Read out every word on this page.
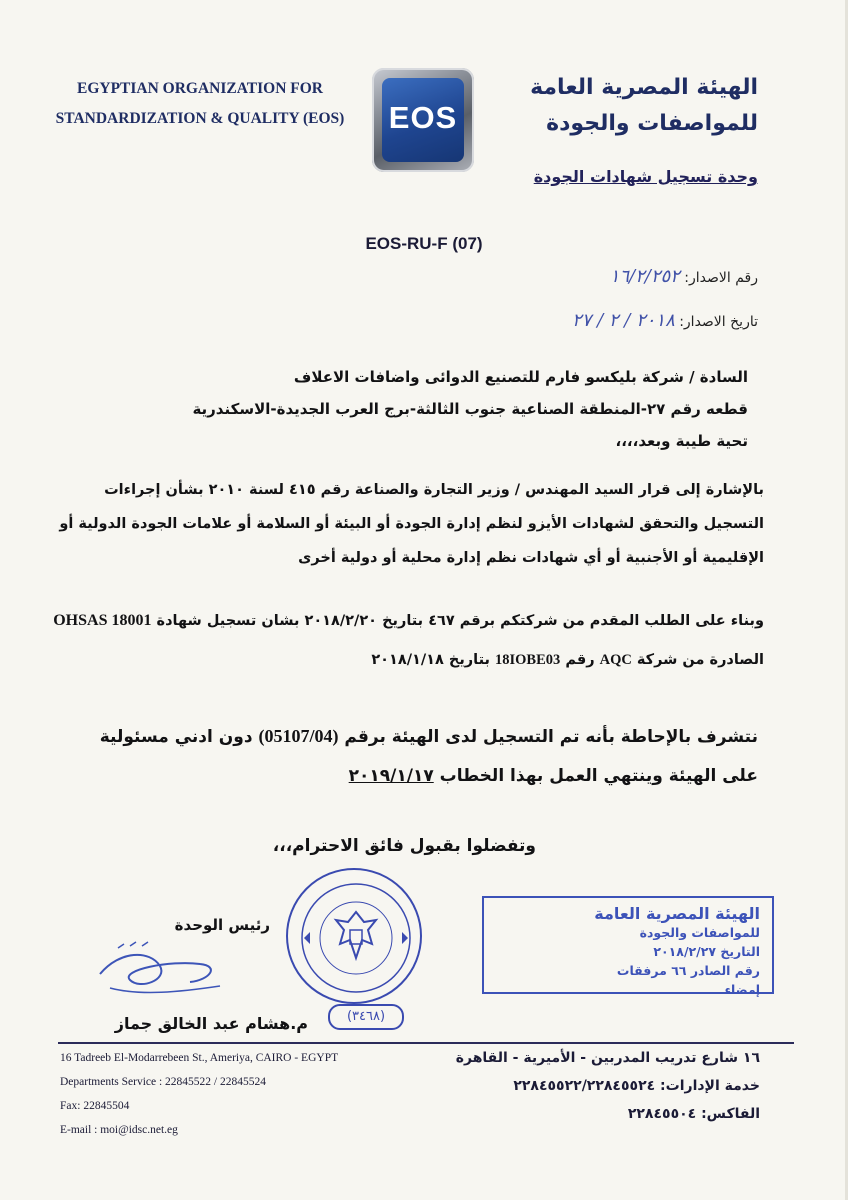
EGYPTIAN ORGANIZATION FOR
STANDARDIZATION & QUALITY (EOS)	EOS
الهيئة المصرية العامة
للمواصفات والجودة
وحدة تسجيل شهادات الجودة
EOS-RU-F (07)
رقم الاصدار: ١٦/٢/٢٥٢
تاريخ الاصدار: ٢٠١٨ / ٢ / ٢٧
السادة / شركة بليكسو فارم للتصنيع الدوائى واضافات الاعلاف
قطعه رقم ٢٧-المنطقة الصناعية جنوب الثالثة-برج العرب الجديدة-الاسكندرية
تحية طيبة وبعد،،،،
بالإشارة إلى قرار السيد المهندس / وزير التجارة والصناعة رقم ٤١٥ لسنة ٢٠١٠ بشأن إجراءات
التسجيل والتحقق لشهادات الأيزو لنظم إدارة الجودة أو البيئة أو السلامة أو علامات الجودة الدولية أو
الإقليمية أو الأجنبية أو أي شهادات نظم إدارة محلية أو دولية أخرى
وبناء على الطلب المقدم من شركتكم برقم ٤٦٧ بتاريخ ٢٠١٨/٢/٢٠ بشان تسجيل شهادة OHSAS 18001
الصادرة من شركة AQC رقم 18IOBE03 بتاريخ ٢٠١٨/١/١٨
نتشرف بالإحاطة بأنه تم التسجيل لدى الهيئة برقم (05107/04) دون ادني مسئولية
على الهيئة وينتهي العمل بهذا الخطاب ٢٠١٩/١/١٧
وتفضلوا بقبول فائق الاحترام،،،
(٣٤٦٨)
الهيئة المصرية العامة
للمواصفات والجودة
التاريخ ٢٠١٨/٢/٢٧
رقم الصادر ٦٦ مرفقات
إمضاء
رئيس الوحدة
م.هشام عبد الخالق جماز
16 Tadreeb El-Modarrebeen St., Ameriya, CAIRO - EGYPT
Departments Service : 22845522 / 22845524
Fax: 22845504
E-mail : moi@idsc.net.eg
١٦ شارع تدريب المدربين - الأميرية - القاهرة
خدمة الإدارات: ٢٢٨٤٥٥٢٢/٢٢٨٤٥٥٢٤
الفاكس: ٢٢٨٤٥٥٠٤
